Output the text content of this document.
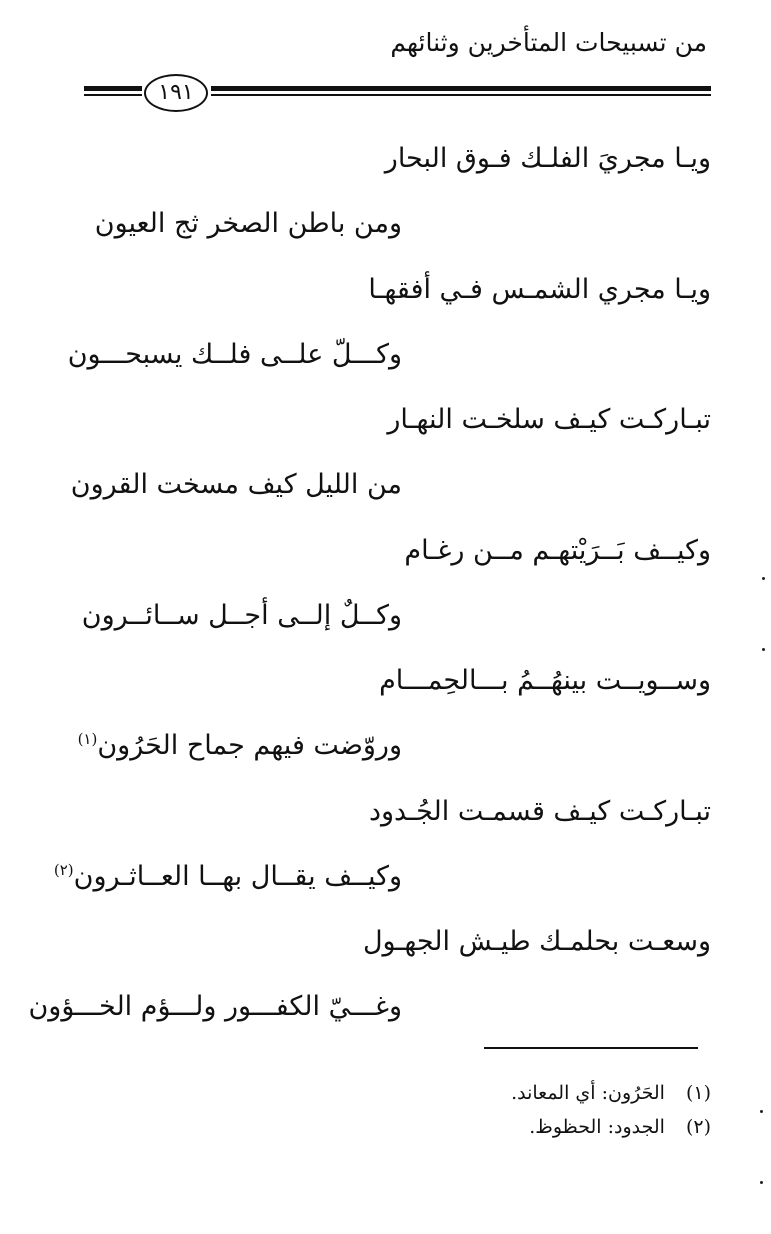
من تسبيحات المتأخرين وثنائهم
١٩١
ويـا مجريَ الفلـك فـوق البحار
ومن باطن الصخر ثج العيون
ويـا مجري الشمـس فـي أفقهـا
وكـــلّ علــى فلــك يسبحـــون
تبـاركـت كيـف سلخـت النهـار
من الليل كيف مسخت القرون
وكيــف بَــرَيْتهـم مــن رغـام
وكــلٌ إلــى أجــل ســائــرون
وســويــت بينهُــمُ بـــالحِمـــام
وروّضت فيهم جماح الحَرُون$^{(١)}$
تبـاركـت كيـف قسمـت الجُـدود
وكيــف يقــال بهــا العــاثـرون$^{(٢)}$
وسعـت بحلمـك طيـش الجهـول
وغـــيّ الكفـــور ولـــؤم الخـــؤون
(١) الحَرُون: أي المعاند.
(٢) الجدود: الحظوظ.
